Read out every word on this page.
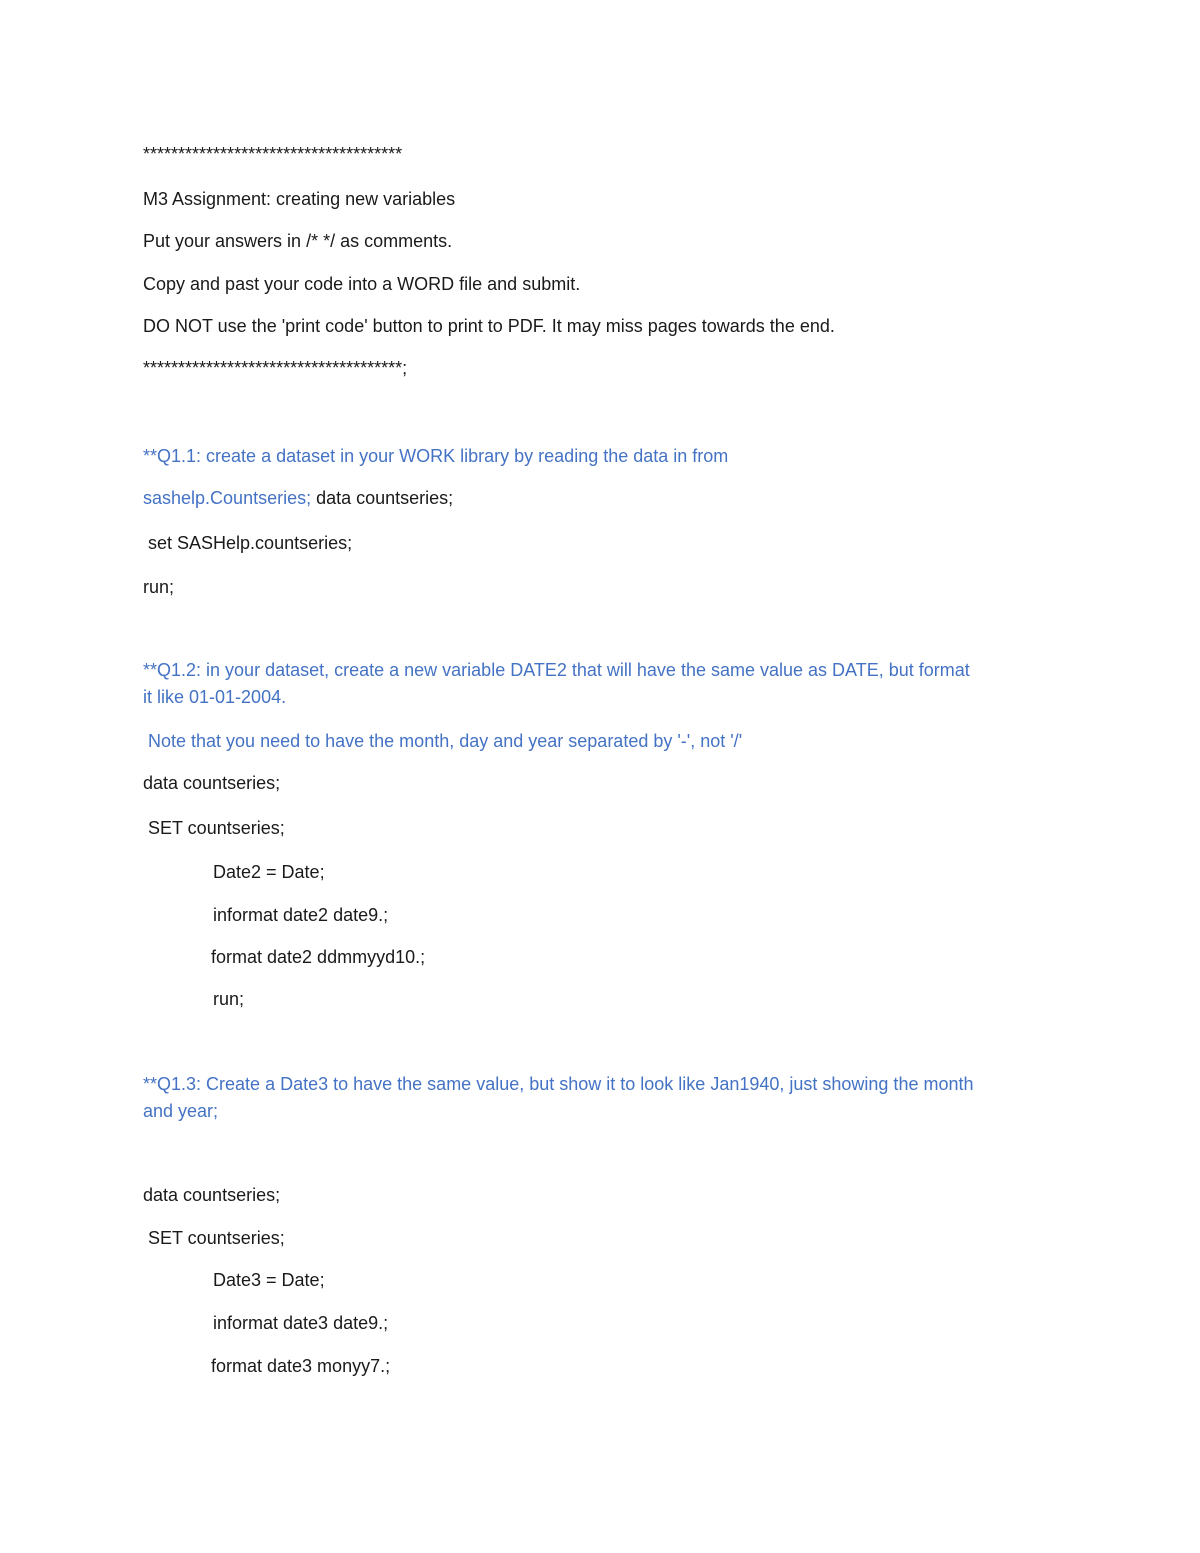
*************************************
M3 Assignment: creating new variables
Put your answers in /* */ as comments.
Copy and past your code into a WORD file and submit.
DO NOT use the 'print code' button to print to PDF. It may miss pages towards the end.
*************************************;
**Q1.1: create a dataset in your WORK library by reading the data in from
sashelp.Countseries; data countseries;
set SASHelp.countseries;
run;
**Q1.2: in your dataset, create a new variable DATE2 that will have the same value as DATE, but format
it like 01-01-2004.
Note that you need to have the month, day and year separated by '-', not '/'
data countseries;
SET countseries;
Date2 = Date;
informat date2 date9.;
format date2 ddmmyyd10.;
run;
**Q1.3: Create a Date3 to have the same value, but show it to look like Jan1940, just showing the month
and year;
data countseries;
SET countseries;
Date3 = Date;
informat date3 date9.;
format date3 monyy7.;
